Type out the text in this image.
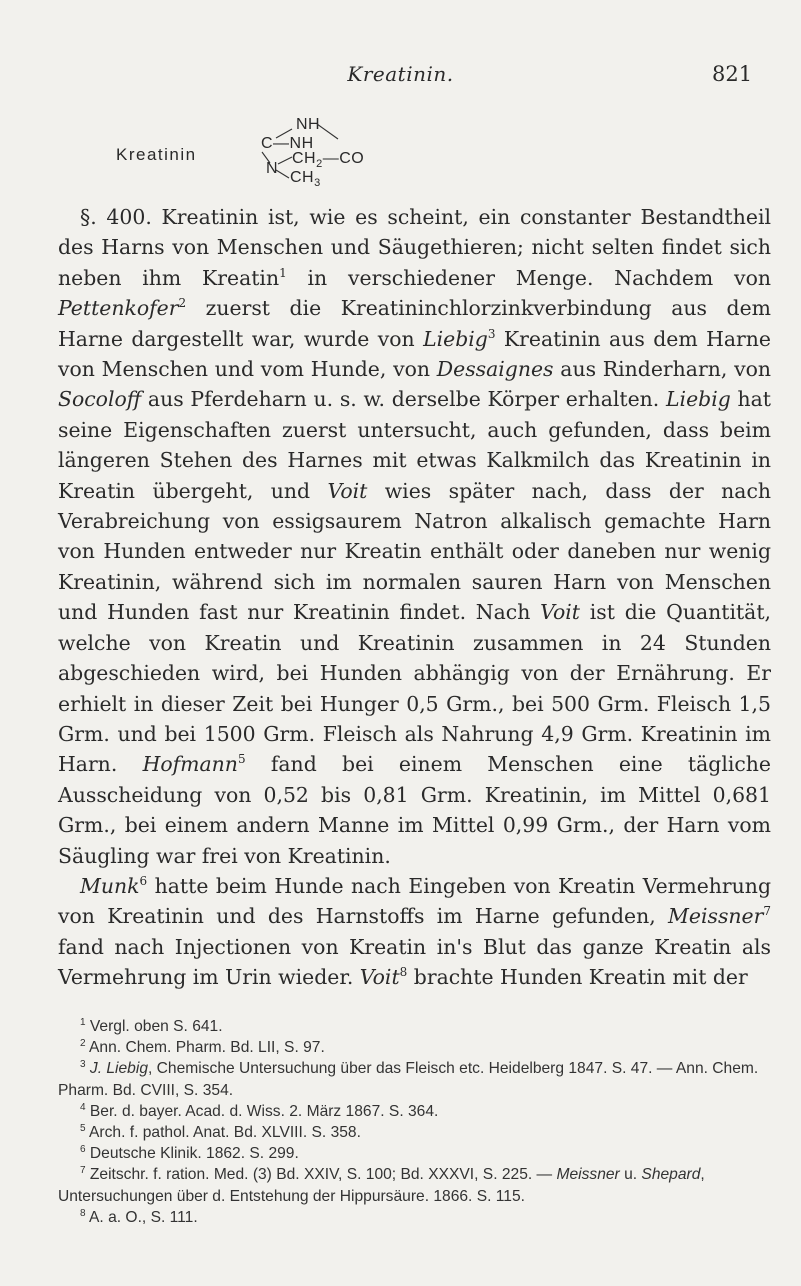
Kreatinin.	821
Kreatinin
NH
C—NH
N
$CH_2—CO$
$CH_3$

§. 400. Kreatinin ist, wie es scheint, ein constanter Bestandtheil des Harns von Menschen und Säugethieren; nicht selten findet sich neben ihm Kreatin$^1$ in verschiedener Menge. Nachdem von Pettenkofer$^2$ zuerst die Kreatininchlorzinkverbindung aus dem Harne dargestellt war, wurde von Liebig$^3$ Kreatinin aus dem Harne von Menschen und vom Hunde, von Dessaignes aus Rinderharn, von Socoloff aus Pferdeharn u. s. w. derselbe Körper erhalten. Liebig hat seine Eigenschaften zuerst untersucht, auch gefunden, dass beim längeren Stehen des Harnes mit etwas Kalkmilch das Kreatinin in Kreatin übergeht, und Voit wies später nach, dass der nach Verabreichung von essigsaurem Natron alkalisch gemachte Harn von Hunden entweder nur Kreatin enthält oder daneben nur wenig Kreatinin, während sich im normalen sauren Harn von Menschen und Hunden fast nur Kreatinin findet. Nach Voit ist die Quantität, welche von Kreatin und Kreatinin zusammen in 24 Stunden abgeschieden wird, bei Hunden abhängig von der Ernährung. Er erhielt in dieser Zeit bei Hunger 0,5 Grm., bei 500 Grm. Fleisch 1,5 Grm. und bei 1500 Grm. Fleisch als Nahrung 4,9 Grm. Kreatinin im Harn. Hofmann$^5$ fand bei einem Menschen eine tägliche Ausscheidung von 0,52 bis 0,81 Grm. Kreatinin, im Mittel 0,681 Grm., bei einem andern Manne im Mittel 0,99 Grm., der Harn vom Säugling war frei von Kreatinin.

Munk$^6$ hatte beim Hunde nach Eingeben von Kreatin Vermehrung von Kreatinin und des Harnstoffs im Harne gefunden, Meissner$^7$ fand nach Injectionen von Kreatin in's Blut das ganze Kreatin als Vermehrung im Urin wieder. Voit$^8$ brachte Hunden Kreatin mit der

$^1$ Vergl. oben S. 641.

$^2$ Ann. Chem. Pharm. Bd. LII, S. 97.

$^3$ J. Liebig, Chemische Untersuchung über das Fleisch etc. Heidelberg 1847. S. 47. — Ann. Chem. Pharm. Bd. CVIII, S. 354.

$^4$ Ber. d. bayer. Acad. d. Wiss. 2. März 1867. S. 364.

$^5$ Arch. f. pathol. Anat. Bd. XLVIII. S. 358.

$^6$ Deutsche Klinik. 1862. S. 299.

$^7$ Zeitschr. f. ration. Med. (3) Bd. XXIV, S. 100; Bd. XXXVI, S. 225. — Meissner u. Shepard, Untersuchungen über d. Entstehung der Hippursäure. 1866. S. 115.

$^8$ A. a. O., S. 111.
